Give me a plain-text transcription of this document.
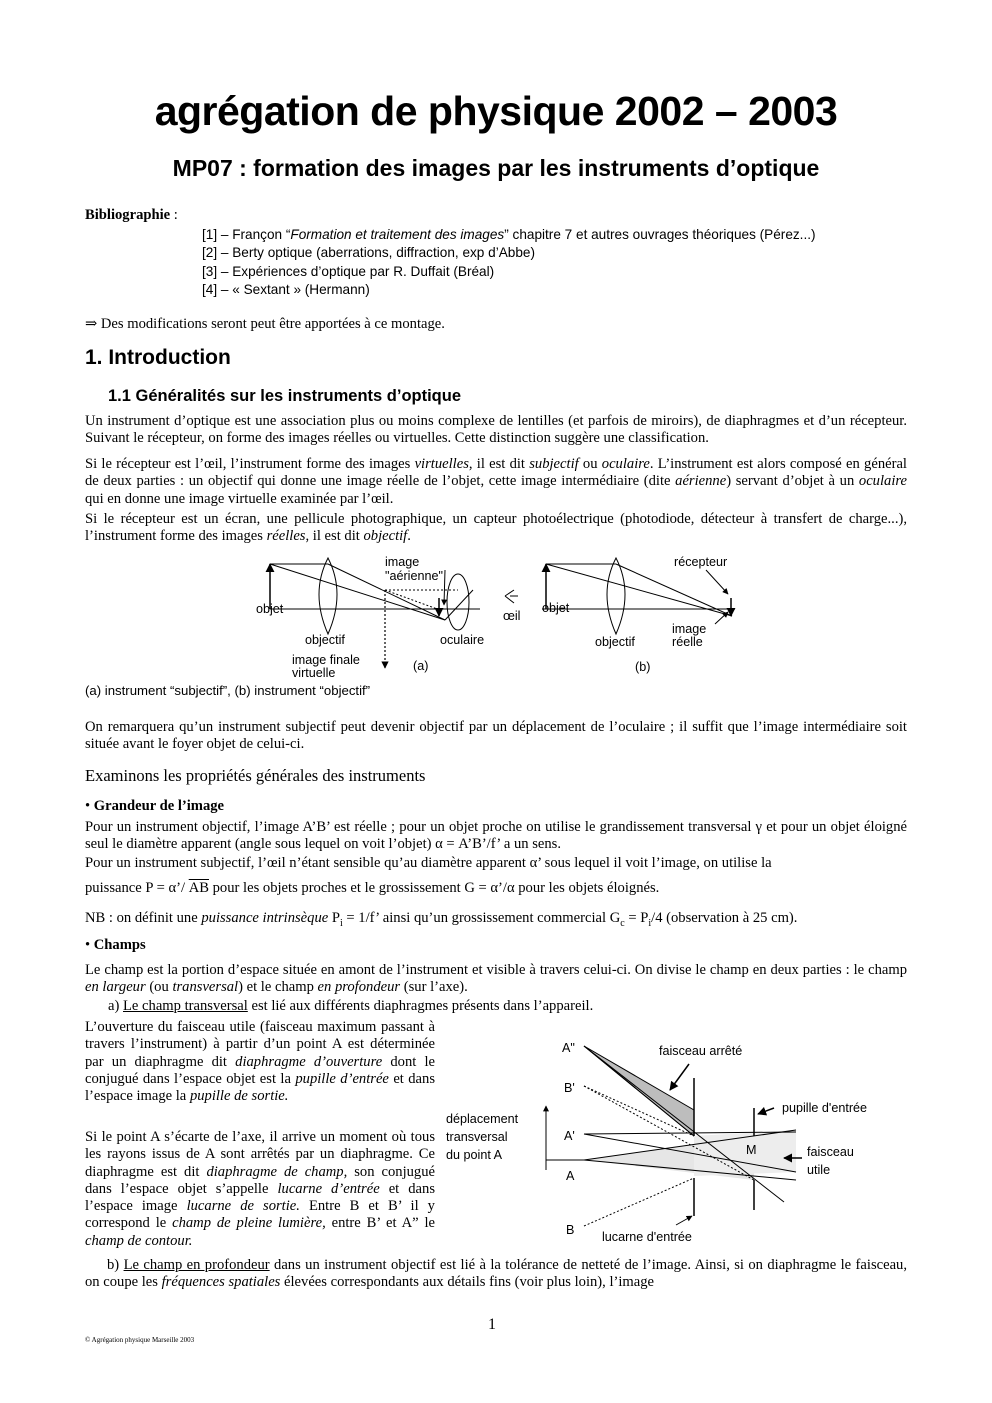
agrégation de physique 2002 – 2003
MP07 : formation des images par les instruments d’optique
Bibliographie :
[1] – Françon “Formation et traitement des images” chapitre 7 et autres ouvrages théoriques (Pérez...)
[2] – Berty optique (aberrations, diffraction, exp d’Abbe)
[3] – Expériences d’optique par R. Duffait (Bréal)
[4] – « Sextant » (Hermann)
⇒ Des modifications seront peut être apportées à ce montage.
1. Introduction
1.1 Généralités sur les instruments d’optique
Un instrument d’optique est une association plus ou moins complexe de lentilles (et parfois de miroirs), de diaphragmes et d’un récepteur. Suivant le récepteur, on forme des images réelles ou virtuelles. Cette distinction suggère une classification.
Si le récepteur est l’œil, l’instrument forme des images virtuelles, il est dit subjectif ou oculaire. L’instrument est alors composé en général de deux parties : un objectif qui donne une image réelle de l’objet, cette image intermédiaire (dite aérienne) servant d’objet à un oculaire qui en donne une image virtuelle examinée par l’œil.
Si le récepteur est un écran, une pellicule photographique, un capteur photoélectrique (photodiode, détecteur à transfert de charge...), l’instrument forme des images réelles, il est dit objectif.
objet
objectif
image
"aérienne"
oculaire
œil
image finale
virtuelle	(a)
objet
objectif
récepteur
image
réelle
(b)
(a) instrument “subjectif”, (b) instrument “objectif”
On remarquera qu’un instrument subjectif peut devenir objectif par un déplacement de l’oculaire ; il suffit que l’image intermédiaire soit située avant le foyer objet de celui-ci.
Examinons les propriétés générales des instruments
• Grandeur de l’image
Pour un instrument objectif, l’image A’B’ est réelle ; pour un objet proche on utilise le grandissement transversal γ et pour un objet éloigné seul le diamètre apparent (angle sous lequel on voit l’objet) α = A’B’/f’ a un sens.
Pour un instrument subjectif, l’œil n’étant sensible qu’au diamètre apparent α’ sous lequel il voit l’image, on utilise la
puissance P = α’/ $\overline{AB}$ pour les objets proches et le grossissement G = α’/α pour les objets éloignés.
NB : on définit une puissance intrinsèque $P_i = 1/f$’ ainsi qu’un grossissement commercial $G_c = P_i/4$ (observation à 25 cm).
• Champs
Le champ est la portion d’espace située en amont de l’instrument et visible à travers celui-ci. On divise le champ en deux parties : le champ en largeur (ou transversal) et le champ en profondeur (sur l’axe).
a) Le champ transversal est lié aux différents diaphragmes présents dans l’appareil.
L’ouverture du faisceau utile (faisceau maximum passant à travers l’instrument) à partir d’un point A est déterminée par un diaphragme dit diaphragme d’ouverture dont le conjugué dans l’espace objet est la pupille d’entrée et dans l’espace image la pupille de sortie.
Si le point A s’écarte de l’axe, il arrive un moment où tous les rayons issus de A sont arrêtés par un diaphragme. Ce diaphragme est dit diaphragme de champ, son conjugué dans l’espace objet s’appelle lucarne d’entrée et dans l’espace image lucarne de sortie. Entre B et B’ il y correspond le champ de pleine lumière, entre B’ et A” le champ de contour.
A"
B'
A'
A
B
M
déplacement
transversal
du point A
faisceau arrêté
pupille d'entrée
faisceau
utile
lucarne d'entrée
b) Le champ en profondeur dans un instrument objectif est lié à la tolérance de netteté de l’image. Ainsi, si on diaphragme le faisceau, on coupe les fréquences spatiales élevées correspondants aux détails fins (voir plus loin), l’image
1
© Agrégation physique Marseille 2003
